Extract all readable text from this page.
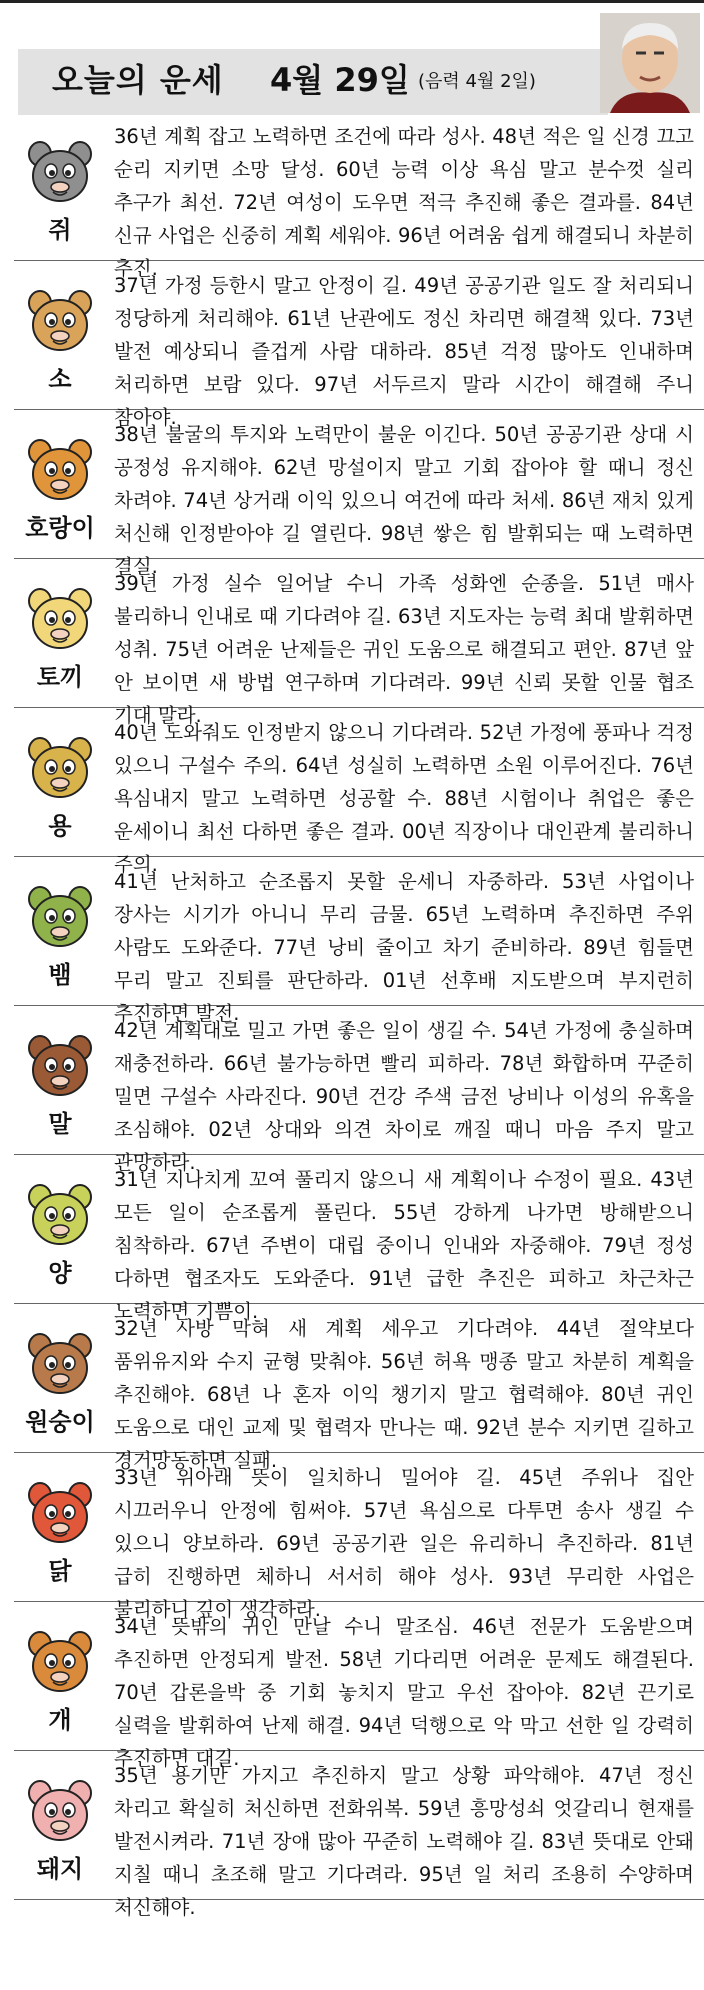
오늘의 운세 4월 29일 (음력 4월 2일)
쥐
36년 계획 잡고 노력하면 조건에 따라 성사. 48년 적은 일 신경 끄고 순리 지키면 소망 달성. 60년 능력 이상 욕심 말고 분수껏 실리 추구가 최선. 72년 여성이 도우면 적극 추진해 좋은 결과를. 84년 신규 사업은 신중히 계획 세워야. 96년 어려움 쉽게 해결되니 차분히 추진.
소
37년 가정 등한시 말고 안정이 길. 49년 공공기관 일도 잘 처리되니 정당하게 처리해야. 61년 난관에도 정신 차리면 해결책 있다. 73년 발전 예상되니 즐겁게 사람 대하라. 85년 걱정 많아도 인내하며 처리하면 보람 있다. 97년 서두르지 말라 시간이 해결해 주니 참아야.
호랑이
38년 불굴의 투지와 노력만이 불운 이긴다. 50년 공공기관 상대 시 공정성 유지해야. 62년 망설이지 말고 기회 잡아야 할 때니 정신 차려야. 74년 상거래 이익 있으니 여건에 따라 처세. 86년 재치 있게 처신해 인정받아야 길 열린다. 98년 쌓은 힘 발휘되는 때 노력하면 결실.
토끼
39년 가정 실수 일어날 수니 가족 성화엔 순종을. 51년 매사 불리하니 인내로 때 기다려야 길. 63년 지도자는 능력 최대 발휘하면 성취. 75년 어려운 난제들은 귀인 도움으로 해결되고 편안. 87년 앞 안 보이면 새 방법 연구하며 기다려라. 99년 신뢰 못할 인물 협조 기대 말라.
용
40년 도와줘도 인정받지 않으니 기다려라. 52년 가정에 풍파나 걱정 있으니 구설수 주의. 64년 성실히 노력하면 소원 이루어진다. 76년 욕심내지 말고 노력하면 성공할 수. 88년 시험이나 취업은 좋은 운세이니 최선 다하면 좋은 결과. 00년 직장이나 대인관계 불리하니 주의.
뱀
41년 난처하고 순조롭지 못할 운세니 자중하라. 53년 사업이나 장사는 시기가 아니니 무리 금물. 65년 노력하며 추진하면 주위 사람도 도와준다. 77년 낭비 줄이고 차기 준비하라. 89년 힘들면 무리 말고 진퇴를 판단하라. 01년 선후배 지도받으며 부지런히 추진하면 발전.
말
42년 계획대로 밀고 가면 좋은 일이 생길 수. 54년 가정에 충실하며 재충전하라. 66년 불가능하면 빨리 피하라. 78년 화합하며 꾸준히 밀면 구설수 사라진다. 90년 건강 주색 금전 낭비나 이성의 유혹을 조심해야. 02년 상대와 의견 차이로 깨질 때니 마음 주지 말고 관망하라.
양
31년 지나치게 꼬여 풀리지 않으니 새 계획이나 수정이 필요. 43년 모든 일이 순조롭게 풀린다. 55년 강하게 나가면 방해받으니 침착하라. 67년 주변이 대립 중이니 인내와 자중해야. 79년 정성 다하면 협조자도 도와준다. 91년 급한 추진은 피하고 차근차근 노력하면 기쁨이.
원숭이
32년 사방 막혀 새 계획 세우고 기다려야. 44년 절약보다 품위유지와 수지 균형 맞춰야. 56년 허욕 맹종 말고 차분히 계획을 추진해야. 68년 나 혼자 이익 챙기지 말고 협력해야. 80년 귀인 도움으로 대인 교제 및 협력자 만나는 때. 92년 분수 지키면 길하고 경거망동하면 실패.
닭
33년 위아래 뜻이 일치하니 밀어야 길. 45년 주위나 집안 시끄러우니 안정에 힘써야. 57년 욕심으로 다투면 송사 생길 수 있으니 양보하라. 69년 공공기관 일은 유리하니 추진하라. 81년 급히 진행하면 체하니 서서히 해야 성사. 93년 무리한 사업은 불리하니 깊이 생각하라.
개
34년 뜻밖의 귀인 만날 수니 말조심. 46년 전문가 도움받으며 추진하면 안정되게 발전. 58년 기다리면 어려운 문제도 해결된다. 70년 갑론을박 중 기회 놓치지 말고 우선 잡아야. 82년 끈기로 실력을 발휘하여 난제 해결. 94년 덕행으로 악 막고 선한 일 강력히 추진하면 대길.
돼지
35년 용기만 가지고 추진하지 말고 상황 파악해야. 47년 정신 차리고 확실히 처신하면 전화위복. 59년 흥망성쇠 엇갈리니 현재를 발전시켜라. 71년 장애 많아 꾸준히 노력해야 길. 83년 뜻대로 안돼 지칠 때니 초조해 말고 기다려라. 95년 일 처리 조용히 수양하며 처신해야.
